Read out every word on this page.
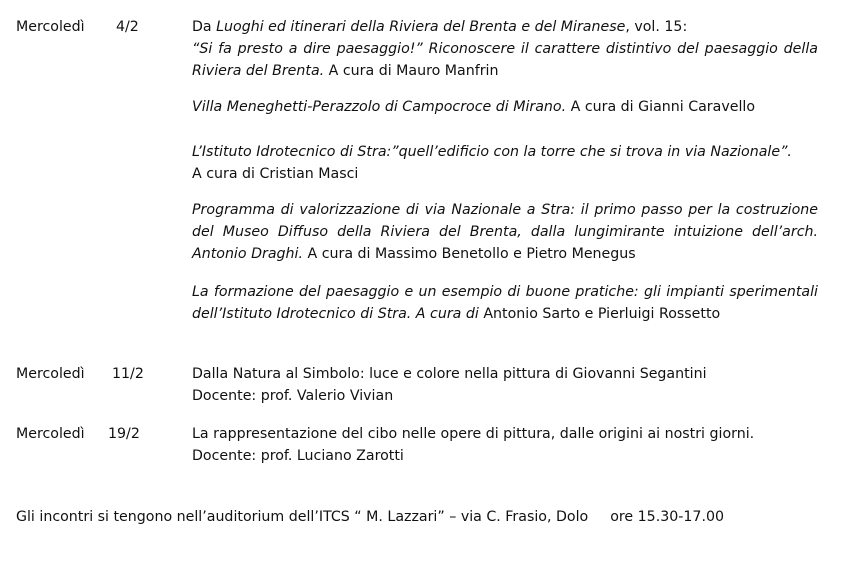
Mercoledì 4/2	Da Luoghi ed itinerari della Riviera del Brenta e del Miranese, vol. 15:

“Si fa presto a dire paesaggio!” Riconoscere il carattere distintivo del paesaggio della Riviera del Brenta. A cura di Mauro Manfrin

Villa Meneghetti-Perazzolo di Campocroce di Mirano. A cura di Gianni Caravello

L’Istituto Idrotecnico di Stra:”quell’edificio con la torre che si trova in via Nazionale”.

A cura di Cristian Masci

Programma di valorizzazione di via Nazionale a Stra: il primo passo per la costruzione del Museo Diffuso della Riviera del Brenta, dalla lungimirante intuizione dell’arch. Antonio Draghi. A cura di Massimo Benetollo e Pietro Menegus

La formazione del paesaggio e un esempio di buone pratiche: gli impianti sperimentali dell’Istituto Idrotecnico di Stra. A cura di Antonio Sarto e Pierluigi Rossetto

Mercoledì 11/2	Dalla Natura al Simbolo: luce e colore nella pittura di Giovanni Segantini

Docente: prof. Valerio Vivian

Mercoledì 19/2	La rappresentazione del cibo nelle opere di pittura, dalle origini ai nostri giorni.

Docente: prof. Luciano Zarotti

Gli incontri si tengono nell’auditorium dell’ITCS “ M. Lazzari” – via C. Frasio, Dolo ore 15.30-17.00
